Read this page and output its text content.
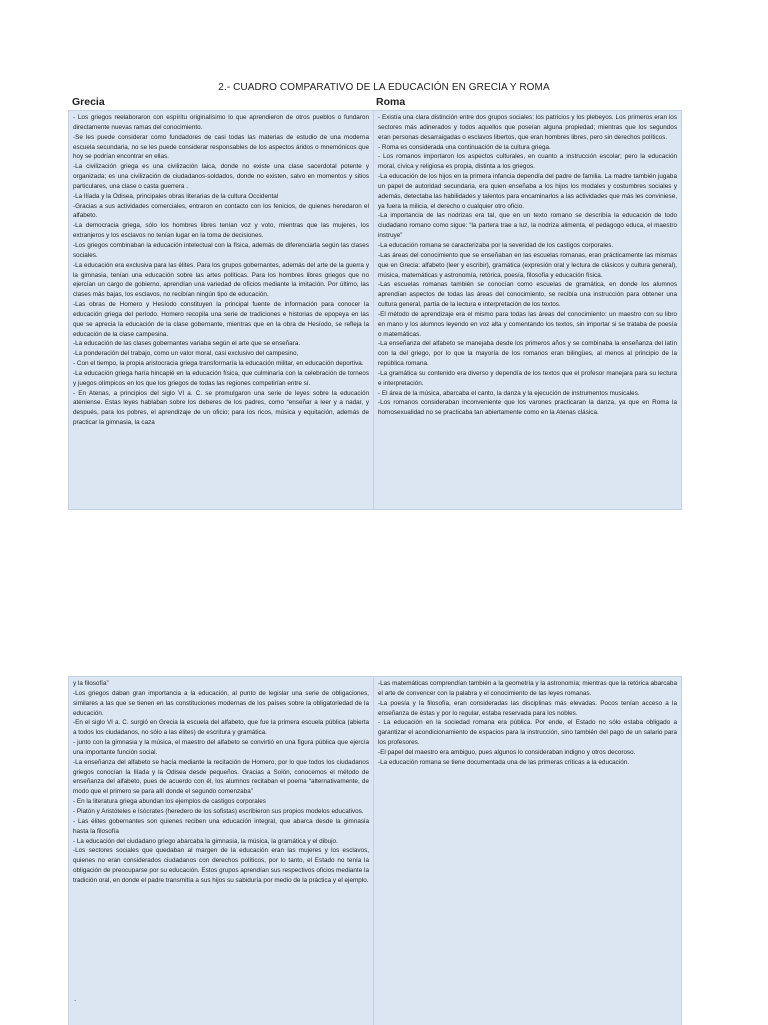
2.- CUADRO COMPARATIVO DE LA EDUCACIÓN EN GRECIA Y ROMA
Grecia	Roma

- Los griegos reelaboraron con espíritu originalísimo lo que aprendieron de otros pueblos o fundaron directamente nuevas ramas del conocimiento.

-Se les puede considerar como fundadores de casi todas las materias de estudio de una moderna escuela secundaria, no se les puede considerar responsables de los aspectos áridos o mnemónicos que hoy se podrían encontrar en ellas.

-La civilización griega es una civilización laica, donde no existe una clase sacerdotal potente y organizada; es una civilización de ciudadanos-soldados, donde no existen, salvo en momentos y sitios particulares, una clase o casta guerrera .

-La Ilíada y la Odisea, principales obras literarias de la cultura Occidental

-Gracias a sus actividades comerciales, entraron en contacto con los fenicios, de quienes heredaron el alfabeto.

-La democracia griega, sólo los hombres libres tenían voz y voto, mientras que las mujeres, los extranjeros y los esclavos no tenían lugar en la toma de decisiones.

-Los griegos combinaban la educación intelectual con la física, además de diferenciarla según las clases sociales.

-La educación era exclusiva para las élites. Para los grupos gobernantes, además del arte de la guerra y la gimnasia, tenían una educación sobre las artes políticas. Para los hombres libres griegos que no ejercían un cargo de gobierno, aprendían una variedad de oficios mediante la imitación. Por último, las clases más bajas, los esclavos, no recibían ningún tipo de educación.

-Las obras de Homero y Hesíodo constituyen la principal fuente de información para conocer la educación griega del período. Homero recopila una serie de tradiciones e historias de epopeya en las que se aprecia la educación de la clase gobernante, mientras que en la obra de Hesíodo, se refleja la educación de la clase campesina.

-La educación de las clases gobernantes variaba según el arte que se enseñara.

-La ponderación del trabajo, como un valor moral, casi exclusivo del campesino,

- Con el tiempo, la propia aristocracia griega transformaría la educación militar, en educación deportiva.

-La educación griega haría hincapié en la educación física, que culminaría con la celebración de torneos y juegos olímpicos en los que los griegos de todas las regiones competirían entre sí.

- En Atenas, a principios del siglo VI a. C. se promulgaron una serie de leyes sobre la educación ateniense. Estas leyes hablaban sobre los deberes de los padres, como “enseñar a leer y a nadar, y después, para los pobres, el aprendizaje de un oficio; para los ricos, música y equitación, además de practicar la gimnasia, la caza

- Existía una clara distinción entre dos grupos sociales: los patricios y los plebeyos. Los primeros eran los sectores más adinerados y todos aquellos que poseían alguna propiedad; mientras que los segundos eran personas desarraigadas o esclavos libertos, que eran hombres libres, pero sin derechos políticos.

- Roma es considerada una continuación de la cultura griega.

- Los romanos importaron los aspectos culturales, en cuanto a instrucción escolar; pero la educación moral, cívica y religiosa es propia, distinta a los griegos.

-La educación de los hijos en la primera infancia dependía del padre de familia. La madre también jugaba un papel de autoridad secundaria, era quien enseñaba a los hijos los modales y costumbres sociales y además, detectaba las habilidades y talentos para encaminarlos a las actividades que más les conviniese, ya fuera la milicia, el derecho o cualquier otro oficio.

-La importancia de las nodrizas era tal, que en un texto romano se describía la educación de todo ciudadano romano como sigue: “la partera trae a luz, la nodriza alimenta, el pedagogo educa, el maestro instruye”

-La educación romana se caracterizaba por la severidad de los castigos corporales.

-Las áreas del conocimiento que se enseñaban en las escuelas romanas, eran prácticamente las mismas que en Grecia: alfabeto (leer y escribir), gramática (expresión oral y lectura de clásicos y cultura general), música, matemáticas y astronomía, retórica, poesía, filosofía y educación física.

-Las escuelas romanas también se conocían como escuelas de gramática, en donde los alumnos aprendían aspectos de todas las áreas del conocimiento, se recibía una instrucción para obtener una cultura general, partía de la lectura e interpretación de los textos.

-El método de aprendizaje era el mismo para todas las áreas del conocimiento: un maestro con su libro en mano y los alumnos leyendo en voz alta y comentando los textos, sin importar si se trataba de poesía o matemáticas.

-La enseñanza del alfabeto se manejaba desde los primeros años y se combinaba la enseñanza del latín con la del griego, por lo que la mayoría de los romanos eran bilingües, al menos al principio de la república romana.

-La gramática su contenido era diverso y dependía de los textos que el profesor manejara para su lectura e interpretación.

- El área de la música, abarcaba el canto, la danza y la ejecución de instrumentos musicales.

-Los romanos consideraban inconveniente que los varones practicaran la danza, ya que en Roma la homosexualidad no se practicaba tan abiertamente como en la Atenas clásica.

y la filosofía”

-Los griegos daban gran importancia a la educación, al punto de legislar una serie de obligaciones, similares a las que se tienen en las constituciones modernas de los países sobre la obligatoriedad de la educación.

-En el siglo VI a. C. surgió en Grecia la escuela del alfabeto, que fue la primera escuela pública (abierta a todos los ciudadanos, no sólo a las élites) de escritura y gramática.

- junto con la gimnasia y la música, el maestro del alfabeto se convirtió en una figura pública que ejercía una importante función social.

-La enseñanza del alfabeto se hacía mediante la recitación de Homero, por lo que todos los ciudadanos griegos conocían la Ilíada y la Odisea desde pequeños. Gracias a Solón, conocemos el método de enseñanza del alfabeto, pues de acuerdo con él, los alumnos recitaban el poema “alternativamente, de modo que el primero se para allí donde el segundo comenzaba”

- En la literatura griega abundan los ejemplos de castigos corporales

- Platón y Aristóteles e Isócrates (heredero de los sofistas) escribieron sus propios modelos educativos.

- Las élites gobernantes son quienes reciben una educación integral, que abarca desde la gimnasia hasta la filosofía

- La educación del ciudadano griego abarcaba la gimnasia, la música, la gramática y el dibujo.

-Los sectores sociales que quedaban al margen de la educación eran las mujeres y los esclavos, quienes no eran considerados ciudadanos con derechos políticos, por lo tanto, el Estado no tenía la obligación de preocuparse por su educación. Estos grupos aprendían sus respectivos oficios mediante la tradición oral, en donde el padre transmitía a sus hijos su sabiduría por medio de la práctica y el ejemplo.

-Las matemáticas comprendían también a la geometría y la astronomía; mientras que la retórica abarcaba el arte de convencer con la palabra y el conocimiento de las leyes romanas.

-La poesía y la filosofía, eran consideradas las disciplinas más elevadas. Pocos tenían acceso a la enseñanza de éstas y por lo regular, estaba reservada para los nobles.

- La educación en la sociedad romana era pública. Por ende, el Estado no sólo estaba obligado a garantizar el acondicionamiento de espacios para la instrucción, sino también del pago de un salario para los profesores.

-El papel del maestro era ambiguo, pues algunos lo consideraban indigno y otros decoroso.

-La educación romana se tiene documentada una de las primeras críticas a la educación.

.
